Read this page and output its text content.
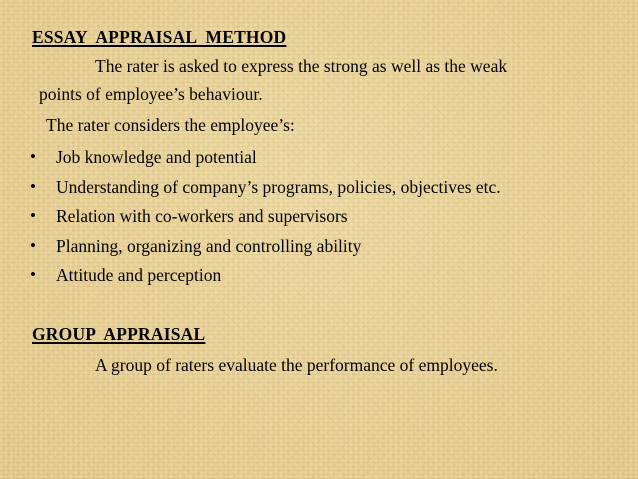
ESSAY  APPRAISAL  METHOD
The rater is asked to express the strong as well as the weak
points of employee’s behaviour.
The rater considers the employee’s:
• Job knowledge and potential
• Understanding of company’s programs, policies, objectives etc.
• Relation with co-workers and supervisors
• Planning, organizing and controlling ability
• Attitude and perception
GROUP  APPRAISAL
A group of raters evaluate the performance of employees.
